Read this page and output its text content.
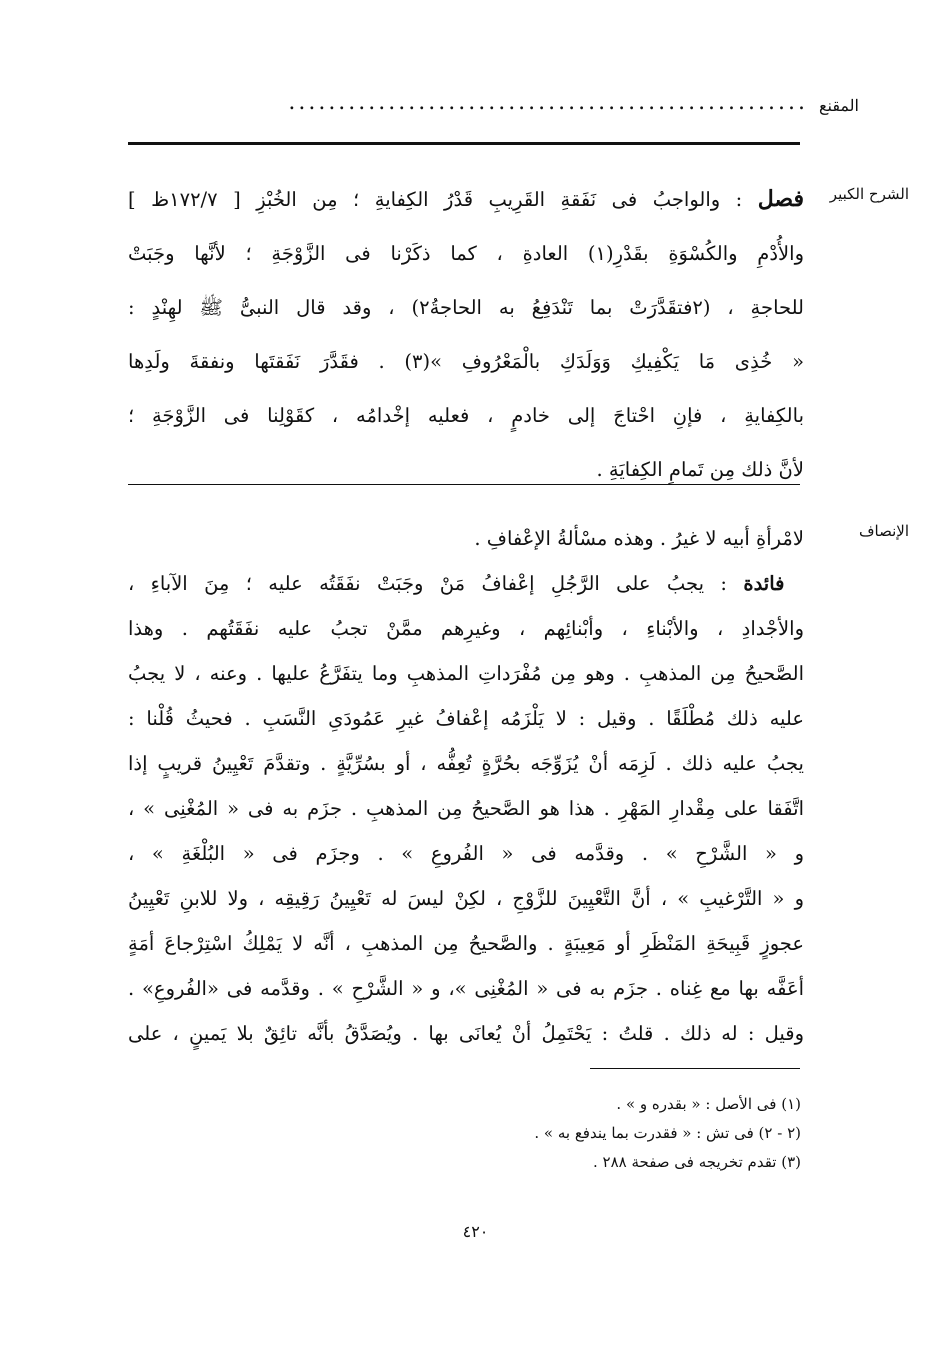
المقنع
....................................................
الشرح الكبير
فصل : والواجبُ فى نَفَقةِ القَرِيبِ قَدْرُ الكِفايةِ ؛ مِن الخُبْزِ [ ١٧٢/٧ظ ]
والأُدْمِ والكُسْوَةِ بقَدْرِ(١) العادةِ ، كما ذكَرْنا فى الزَّوْجَةِ ؛ لأنَّها وجَبَتْ
للحاجةِ ، (٢فتقَدَّرَتْ بما تَنْدَفِعُ به الحاجةُ٢) ، وقد قال النبىُّ ﷺ لهِنْدٍ :
« خُذِى مَا يَكْفِيكِ وَوَلَدَكِ بالْمَعْرُوفِ »(٣) . فقَدَّرَ نَفَقتَها ونفقةَ ولَدِها
بالكِفايةِ ، فإنِ احْتاجَ إلى خادمٍ ، فعليه إخْدامُه ، كقَوْلِنا فى الزَّوْجَةِ ؛
لأنَّ ذلك مِن تَمامِ الكِفايَةِ .
الإنصاف
لامْرأةِ أبيه لا غيرُ . وهذه مسْألةُ الإعْفافِ .
 فائدة : يجبُ على الرَّجُلِ إعْفافُ مَنْ وجَبَتْ نفَقَتُه عليه ؛ مِنَ الآباءِ ،
والأجْدادِ ، والأبْناءِ ، وأبْنائِهم ، وغيرِهم ممَّنْ تجبُ عليه نفَقَتُهم . وهذا
الصَّحيحُ مِن المذهبِ . وهو مِن مُفْرَداتِ المذهبِ وما يتفَرَّعُ عليها . وعنه ، لا يجبُ
عليه ذلك مُطْلَقًا . وقيل : لا يَلْزَمُه إعْفافُ غيرِ عَمُودَىِ النَّسَبِ . فحيثُ قُلْنا :
يجبُ عليه ذلك . لَزِمَه أنْ يُزَوِّجَه بحُرَّةٍ تُعِفُّه ، أو بسُرِّيَّةٍ . وتقدَّمَ تَعْيِينُ قريبٍ إذا
اتَّفَقا على مِقْدارِ المَهْرِ . هذا هو الصَّحيحُ مِن المذهبِ . جزَم به فى « المُغْنِى » ،
و « الشَّرْحِ » . وقدَّمه فى « الفُروعِ » . وجزَم فى « البُلْغَةِ » ،
و « التَّرْغيبِ » ، أنَّ التَّعْيِينَ للزَّوْجِ ، لكِنْ ليسَ له تَعْيِينُ رَقِيقِه ، ولا للابنِ تَعْيِينُ
عجوزٍ قَبِيحَةِ المَنْظَرِ أو مَعِيبَةٍ . والصَّحيحُ مِن المذهبِ ، أنَّه لا يَمْلِكُ اسْتِرْجاعَ أمَةٍ
أعَفَّه بها مع غِناه . جزَم به فى « المُغْنِى »، و « الشَّرْحِ » . وقدَّمه فى «الفُروعِ» .
وقيل : له ذلك . قلتُ : يَحْتَمِلُ أنْ يُعانَى بها . ويُصَدَّقُ بأنَّه تائِقٌ بلا يَمينٍ ، على
(١) فى الأصل : « بقدره و » .
(٢ - ٢) فى تش : « فقدرت بما يندفع به » .
(٣) تقدم تخريجه فى صفحة ٢٨٨ .
٤٢٠
